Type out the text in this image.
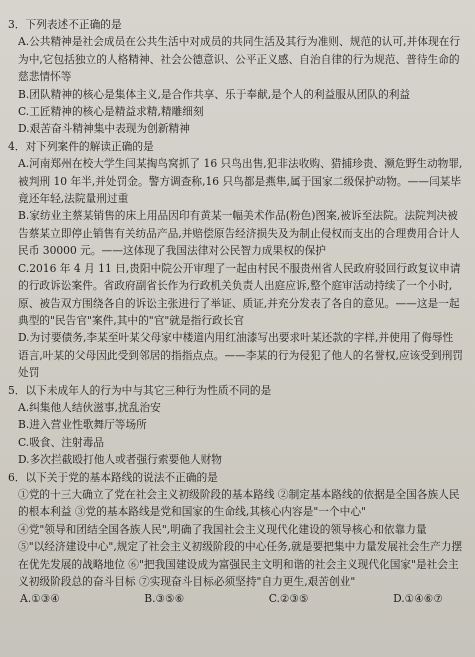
3．下列表述不正确的是
A.公共精神是社会成员在公共生活中对成员的共同生活及其行为准则、规范的认可,并体现在行为中,它包括独立的人格精神、社会公德意识、公平正义感、自治自律的行为规范、普待生命的慈悲情怀等
B.团队精神的核心是集体主义,是合作共享、乐于奉献,是个人的利益服从团队的利益
C.工匠精神的核心是精益求精,精雕细刻
D.艰苦奋斗精神集中表现为创新精神
4．对下列案件的解读正确的是
A.河南郑州在校大学生闫某掏鸟窝抓了 16 只鸟出售,犯非法收购、猎捕珍贵、濒危野生动物罪,被判刑 10 年半,并处罚金。警方调查称,16 只鸟都是燕隼,属于国家二级保护动物。——闫某毕竟还年轻,法院量刑过重
B.家纺业主蔡某销售的床上用品因印有黄某一幅美术作品(粉色)图案,被诉至法院。法院判决被告蔡某立即停止销售有关纺品产品,并赔偿原告经济损失及为制止侵权而支出的合理费用合计人民币 30000 元。——这体现了我国法律对公民智力成果权的保护
C.2016 年 4 月 11 日,贵阳中院公开审理了一起由村民不服贵州省人民政府驳回行政复议申请的行政诉讼案件。省政府副省长作为行政机关负责人出庭应诉,整个庭审活动持续了一个小时,原、被告双方围绕各自的诉讼主张进行了举证、质证,并充分发表了各自的意见。——这是一起典型的"民告官"案件,其中的"官"就是指行政长官
D.为讨要债务,李某至叶某父母家中楼道内用红油漆写出要求叶某还款的字样,并使用了侮辱性语言,叶某的父母因此受到邻居的指指点点。——李某的行为侵犯了他人的名誉权,应该受到刑罚处罚
5．以下未成年人的行为中与其它三种行为性质不同的是
A.纠集他人结伙滋事,扰乱治安
B.进入营业性歌舞厅等场所
C.吸食、注射毒品
D.多次拦截殴打他人或者强行索要他人财物
6．以下关于党的基本路线的说法不正确的是
①党的十三大确立了党在社会主义初级阶段的基本路线 ②制定基本路线的依据是全国各族人民的根本利益 ③党的基本路线是党和国家的生命线,其核心内容是"一个中心"
④党"领导和团结全国各族人民",明确了我国社会主义现代化建设的领导核心和依靠力量
⑤"以经济建设中心",规定了社会主义初级阶段的中心任务,就是要把集中力量发展社会生产力摆在优先发展的战略地位 ⑥"把我国建设成为富强民主文明和谐的社会主义现代化国家"是社会主义初级阶段总的奋斗目标 ⑦实现奋斗目标必须坚持"自力更生,艰苦创业"
A.①③④	B.③⑤⑥	C.②③⑤	D.①④⑥⑦
